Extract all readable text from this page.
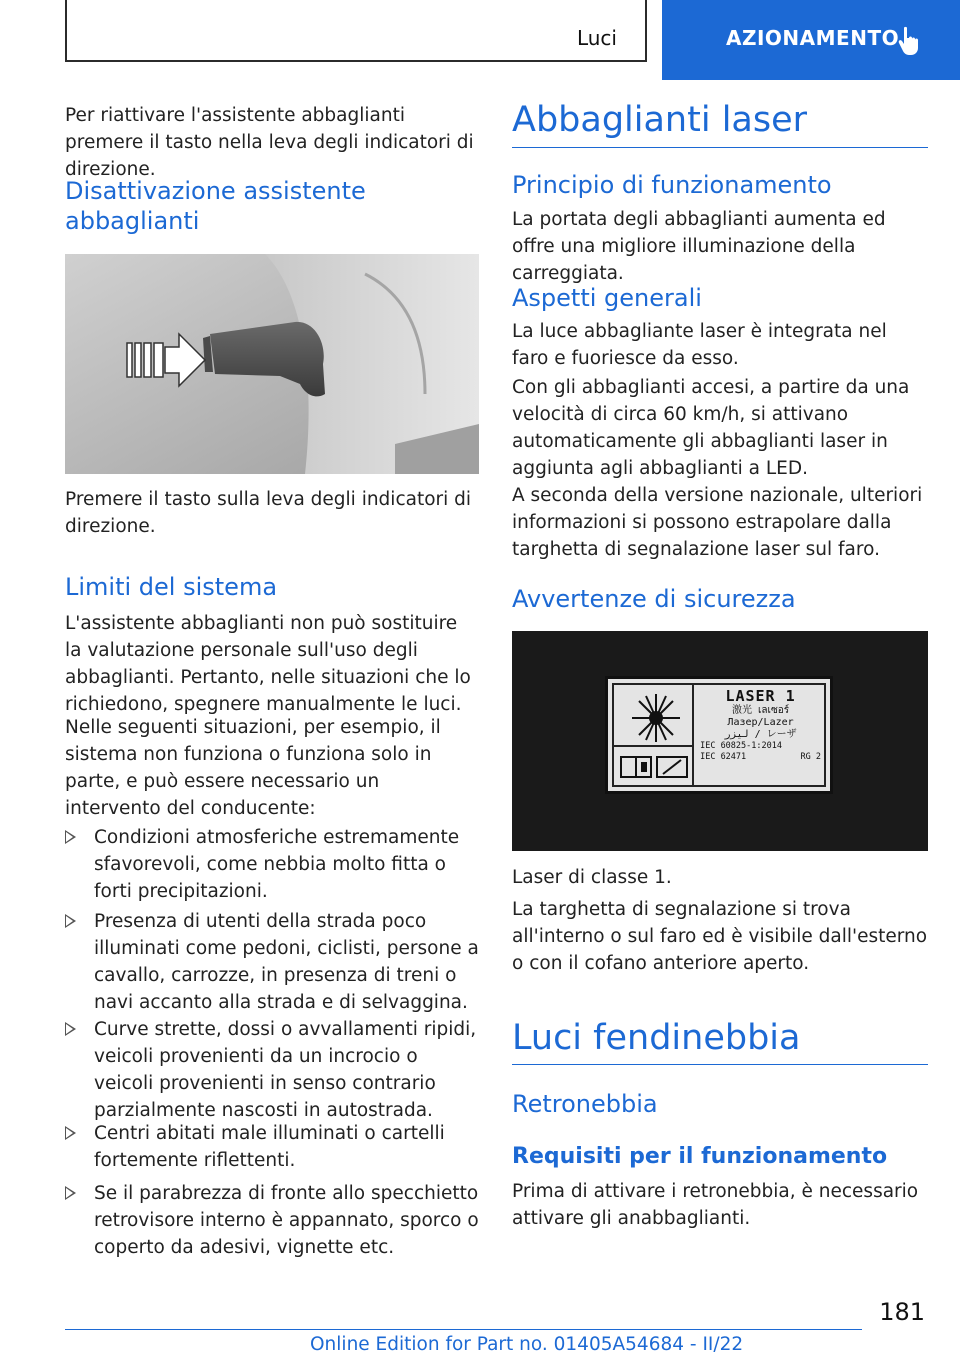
Luci	AZIONAMENTO

Per riattivare l'assistente abbaglianti premere il tasto nella leva degli indicatori di direzione.

Disattivazione assistente abbaglianti

Premere il tasto sulla leva degli indicatori di direzione.

Limiti del sistema

L'assistente abbaglianti non può sostituire la valutazione personale sull'uso degli abbaglianti. Pertanto, nelle situazioni che lo richiedono, spegnere manualmente le luci.

Nelle seguenti situazioni, per esempio, il sistema non funziona o funziona solo in parte, e può essere necessario un intervento del conducente:

Condizioni atmosferiche estremamente sfavorevoli, come nebbia molto fitta o forti precipitazioni.

Presenza di utenti della strada poco illuminati come pedoni, ciclisti, persone a cavallo, carrozze, in presenza di treni o navi accanto alla strada e di selvaggina.

Curve strette, dossi o avvallamenti ripidi, veicoli provenienti da un incrocio o veicoli provenienti in senso contrario parzialmente nascosti in autostrada.

Centri abitati male illuminati o cartelli fortemente riflettenti.

Se il parabrezza di fronte allo specchietto retrovisore interno è appannato, sporco o coperto da adesivi, vignette etc.

Abbaglianti laser
Principio di funzionamento

La portata degli abbaglianti aumenta ed offre una migliore illuminazione della carreggiata.

Aspetti generali

La luce abbagliante laser è integrata nel faro e fuoriesce da esso.

Con gli abbaglianti accesi, a partire da una velocità di circa 60 km/h, si attivano automaticamente gli abbaglianti laser in aggiunta agli abbaglianti a LED.

A seconda della versione nazionale, ulteriori informazioni si possono estrapolare dalla targhetta di segnalazione laser sul faro.

Avvertenze di sicurezza
LASER 1
激光 เลเซอร์
Лазер/Lazer
ليزر / レーザ
IEC 60825-1:2014
IEC 62471	RG 2

Laser di classe 1.

La targhetta di segnalazione si trova all'interno o sul faro ed è visibile dall'esterno o con il cofano anteriore aperto.

Luci fendinebbia
Retronebbia
Requisiti per il funzionamento

Prima di attivare i retronebbia, è necessario attivare gli anabbaglianti.

181
Online Edition for Part no. 01405A54684 - II/22
